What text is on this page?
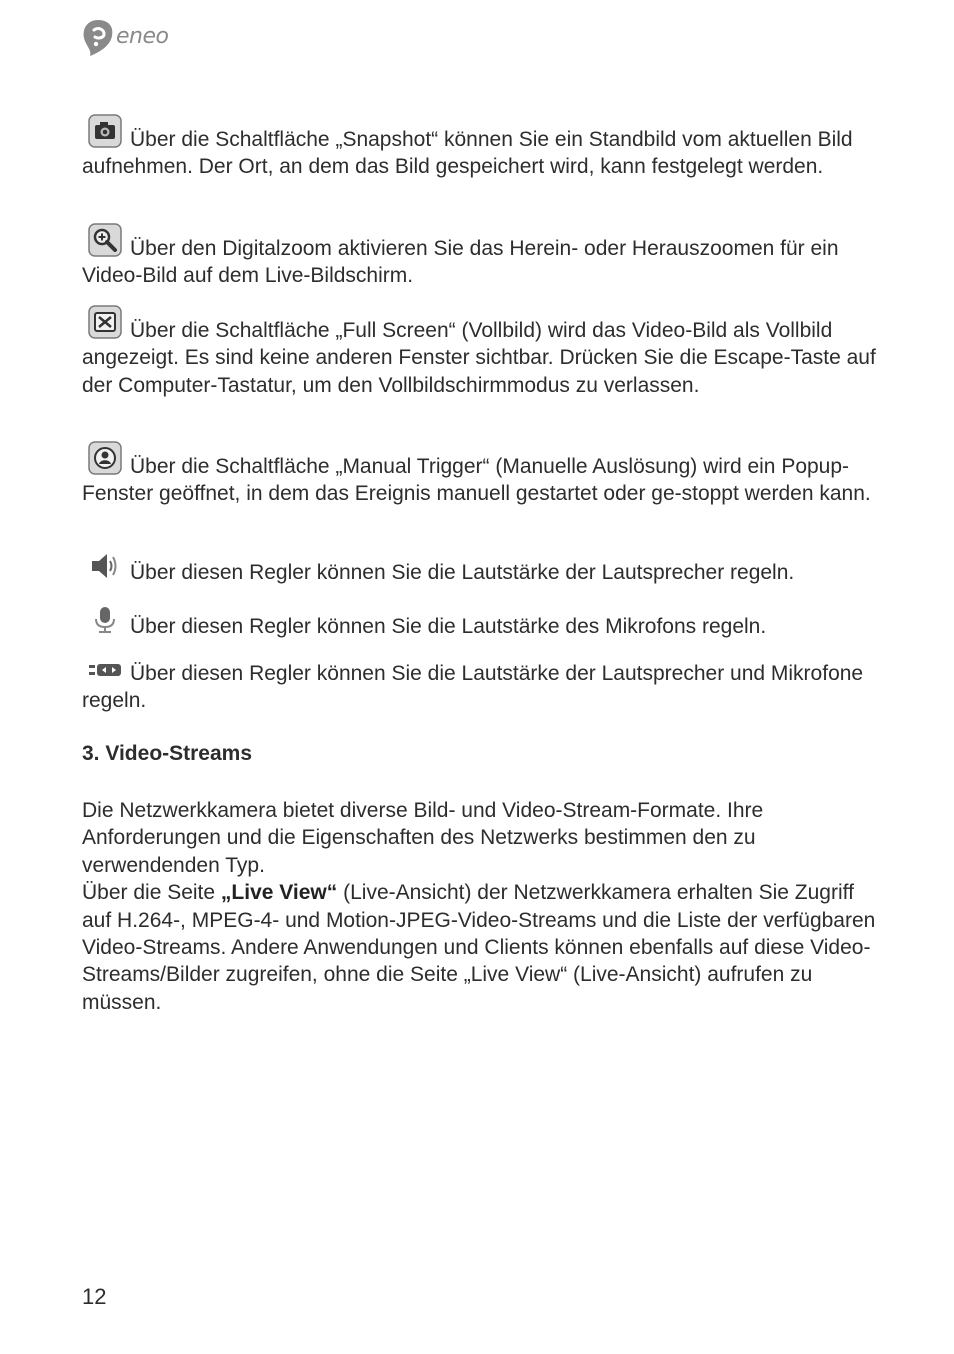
eneo
Über die Schaltfläche „Snapshot“ können Sie ein Standbild vom aktuellen Bild aufnehmen. Der Ort, an dem das Bild gespeichert wird, kann festgelegt werden.
Über den Digitalzoom aktivieren Sie das Herein- oder Herauszoomen für ein Video-Bild auf dem Live-Bildschirm.
Über die Schaltfläche „Full Screen“ (Vollbild) wird das Video-Bild als Vollbild angezeigt. Es sind keine anderen Fenster sichtbar. Drücken Sie die Escape-Taste auf der Computer-Tastatur, um den Vollbildschirmmodus zu verlassen.
Über die Schaltfläche „Manual Trigger“ (Manuelle Auslösung) wird ein Popup-Fenster geöffnet, in dem das Ereignis manuell gestartet oder ge-stoppt werden kann.
Über diesen Regler können Sie die Lautstärke der Lautsprecher regeln.
Über diesen Regler können Sie die Lautstärke des Mikrofons regeln.
Über diesen Regler können Sie die Lautstärke der Lautsprecher und Mikrofone regeln.
3. Video-Streams
Die Netzwerkkamera bietet diverse Bild- und Video-Stream-Formate. Ihre Anforderungen und die Eigenschaften des Netzwerks bestimmen den zu verwendenden Typ.
Über die Seite „Live View“ (Live-Ansicht) der Netzwerkkamera erhalten Sie Zugriff auf H.264-, MPEG-4- und Motion-JPEG-Video-Streams und die Liste der verfügbaren Video-Streams. Andere Anwendungen und Clients können ebenfalls auf diese Video-Streams/Bilder zugreifen, ohne die Seite „Live View“ (Live-Ansicht) aufrufen zu müssen.
12
